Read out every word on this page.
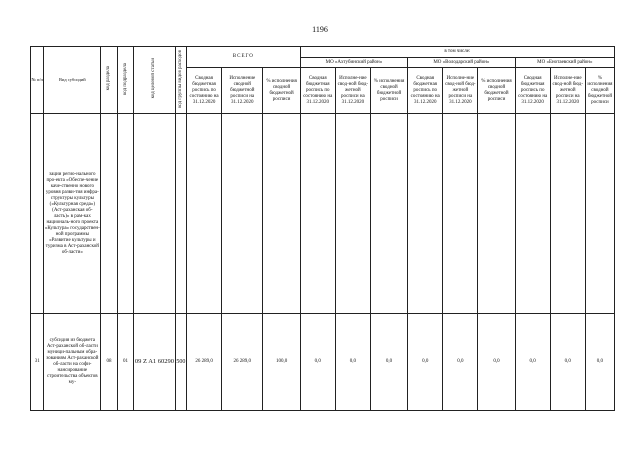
1196
№ п/п	Вид субсидий	код раздела	код подраздела	код целевой статьи	код группы видов расходов	ВСЕГО			в том числе:								
									МО «Ахтубинский район»			МО «Володарский район»			МО «Енотаевский район»		
						Сводная бюджетная роспись по состоянию на 31.12.2020	Исполнение сводной бюджетной росписи на 31.12.2020	% исполнения сводной бюджетной росписи	Сводная бюджетная роспись по состоянию на 31.12.2020	Исполне-ние свод-ной бюд-жетной росписи на 31.12.2020	% исполнения сводной бюджетной росписи	Сводная бюджетная роспись по состоянию на 31.12.2020	Исполне-ние свод-ной бюд-жетной росписи на 31.12.2020	% исполнения сводной бюджетной росписи	Сводная бюджетная роспись по состоянию на 31.12.2020	Исполне-ние свод-ной бюд-жетной росписи на 31.12.2020	% исполнения сводной бюджетной росписи
	зации регио-нального про-екта «Обеспе-чение каче-ственно нового уровня разви-тия инфра-структуры культуры («Культурная среда») (Аст-раханская об-ласть)» в рам-ках националь-ного проекта «Культура» государствен-ной программы «Развитие культуры и туризма в Аст-раханской об-ласти»																
31	субсидия из бюджета Аст-раханской об-ласти муници-пальным обра-зованиям Аст-раханской об-ласти на софи-нансирование строительства объектов му-	08	01	09 Z A1 60290	500	26 289,0	26 289,0	100,0	0,0	0,0	0,0	0,0	0,0	0,0	0,0	0,0	0,0
